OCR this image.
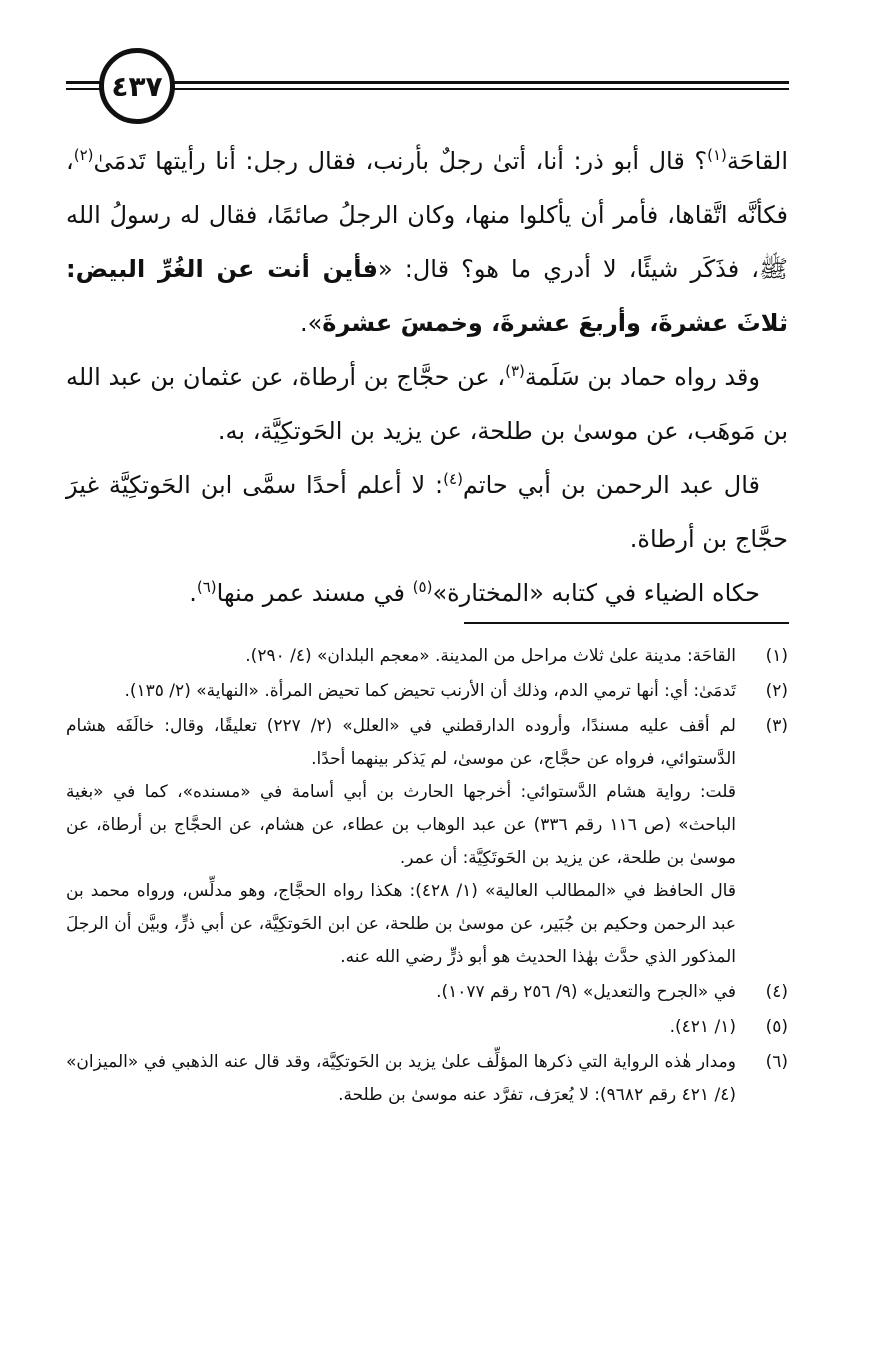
٤٣٧

القاحَة$^{(١)}$؟ قال أبو ذر: أنا، أتىٰ رجلٌ بأرنب، فقال رجل: أنا رأيتها تَدمَىٰ$^{(٢)}$، فكأنَّه اتَّقاها، فأمر أن يأكلوا منها، وكان الرجلُ صائمًا، فقال له رسولُ الله ﷺ، فذَكَر شيئًا، لا أدري ما هو؟ قال: «فأين أنت عن الغُرِّ البيض: ثلاثَ عشرةَ، وأربعَ عشرةَ، وخمسَ عشرةَ».

وقد رواه حماد بن سَلَمة$^{(٣)}$، عن حجَّاج بن أرطاة، عن عثمان بن عبد الله بن مَوهَب، عن موسىٰ بن طلحة، عن يزيد بن الحَوتكِيَّة، به.

قال عبد الرحمن بن أبي حاتم$^{(٤)}$: لا أعلم أحدًا سمَّى ابن الحَوتكِيَّة غيرَ حجَّاج بن أرطاة.

حكاه الضياء في كتابه «المختارة»$^{(٥)}$ في مسند عمر منها$^{(٦)}$.

(١)

القاحَة: مدينة علىٰ ثلاث مراحل من المدينة. «معجم البلدان» (٤/ ٢٩٠).

(٢)

تَدمَىٰ: أي: أنها ترمي الدم، وذلك أن الأرنب تحيض كما تحيض المرأة. «النهاية» (٢/ ١٣٥).

(٣)

لم أقف عليه مسندًا، وأروده الدارقطني في «العلل» (٢/ ٢٢٧) تعليقًا، وقال: خالَفَه هشام الدَّستوائي، فرواه عن حجَّاج، عن موسىٰ، لم يَذكر بينهما أحدًا.

قلت: رواية هشام الدَّستوائي: أخرجها الحارث بن أبي أسامة في «مسنده»، كما في «بغية الباحث» (ص ١١٦ رقم ٣٣٦) عن عبد الوهاب بن عطاء، عن هشام، عن الحجَّاج بن أرطاة، عن موسىٰ بن طلحة، عن يزيد بن الحَوتَكِيَّة: أن عمر.

قال الحافظ في «المطالب العالية» (١/ ٤٢٨): هكذا رواه الحجَّاج، وهو مدلِّس، ورواه محمد بن عبد الرحمن وحكيم بن جُبَير، عن موسىٰ بن طلحة، عن ابن الحَوتكِيَّة، عن أبي ذرٍّ، وبيَّن أن الرجلَ المذكور الذي حدَّث بهٰذا الحديث هو أبو ذرٍّ رضي الله عنه.

(٤)

في «الجرح والتعديل» (٩/ ٢٥٦ رقم ١٠٧٧).

(٥)

(١/ ٤٢١).

(٦)

ومدار هٰذه الرواية التي ذكرها المؤلِّف علىٰ يزيد بن الحَوتكِيَّة، وقد قال عنه الذهبي في «الميزان» (٤/ ٤٢١ رقم ٩٦٨٢): لا يُعرَف، تفرَّد عنه موسىٰ بن طلحة.
